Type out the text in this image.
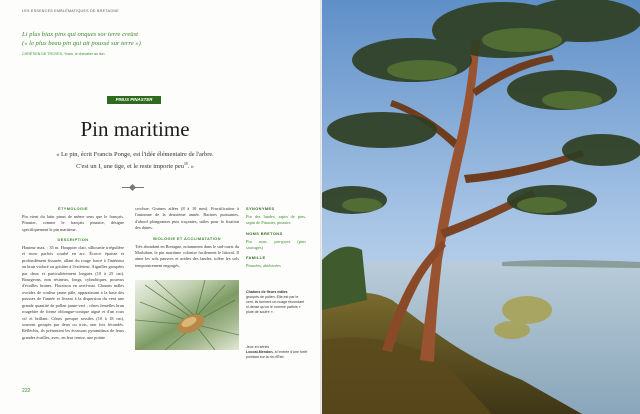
LES ESSENCES EMBLÉMATIQUES DE BRETAGNE
Li plus biax pins qui onques sor terre creüst
(« le plus beau pin qui ait poussé sur terre »)
CHRÉTIEN DE TROYES, Yvain, le chevalier au lion
PINUS PINASTER
Pin maritime
« Le pin, écrit Francis Ponge, est l'idée élémentaire de l'arbre.
C'est un I, une tige, et le reste importe peu$^{38}$. »
ÉTYMOLOGIE

Pin vient du latin pinus de même sens que le français. Pinaster, comme le français pinastre, désigne spécifiquement le pin maritime.

DESCRIPTION

Hauteur max. : 35 m. Houppier clair, silhouette irrégulière et tronc parfois courbé en arc. Écorce épaisse et profondément fissurée, allant du rouge foncé à l'intérieur au brun violacé ou grisâtre à l'extérieur. Aiguilles groupées par deux et particulièrement longues (10 à 25 cm). Bourgeons, non résineux, longs, cylindriques, pourvus d'écailles brunes. Floraison en avril-mai. Chatons mâles ovoïdes de couleur jaune pâle, apparaissant à la base des pousses de l'année et livrant à la dispersion du vent une grande quantité de pollen jaune-vert ; cônes femelles brun rougeâtre de forme oblongue-conique aiguë et d'un roux vif et brillant. Cônes presque sessiles (10 à 18 cm), souvent groupés par deux ou trois, une fois fécondés. Réfléchis, ils présentent les écussons pyramidaux de leurs grandes écailles, avec, en leur centre, une pointe

crochue. Graines ailées (8 à 10 mm). Fructification à l'automne de la deuxième année. Racines puissantes, d'abord plongeantes puis traçantes, utiles pour la fixation des dunes.

BIOLOGIE ET ACCLIMATATION

Très abondant en Bretagne, notamment dans le sud-ouest du Morbihan, le pin maritime colonise facilement le littoral. Il aime les sols pauvres et acides des landes, tolère les sols temporairement engorgés,

SYNONYMES

Pin des landes, sapin de pins, sapin de Pinaster, pinastre

NOMS BRETONS

Pin aour, pin-gwez (pins sauvages)

FAMILLE

Pinacées, abiétacées

Chatons de fleurs mâles
groupés de pollen. Elle est par le vent, ils forment un nuage fécondant si dense qu'on le nomme parfois « pluie de soufre ».
Jeux en séries
Locoal-Mendon, à l'entrée d'une forêt pointant sur la ria d'Étel.
222
